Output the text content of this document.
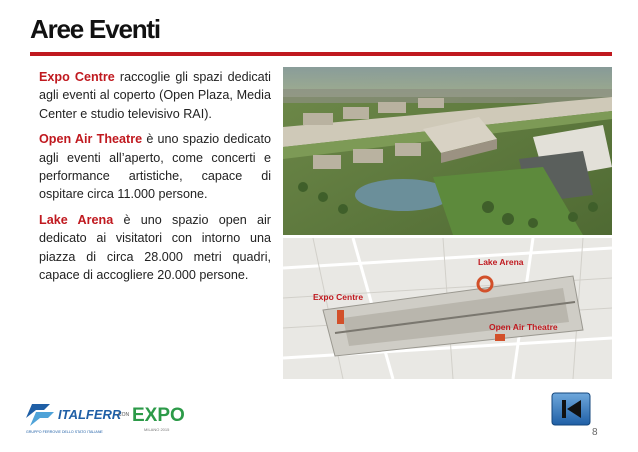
Aree Eventi

Expo Centre raccoglie gli spazi dedicati agli eventi al coperto (Open Plaza, Media Center e studio televisivo RAI).

Open Air Theatre è uno spazio dedicato agli eventi all’aperto, come concerti e performance artistiche, capace di ospitare circa 11.000 persone.

Lake Arena è uno spazio open air dedicato ai visitatori con intorno una piazza di circa 28.000 metri quadri, capace di accogliere 20.000 persone.

Lake Arena
Expo Centre
Open Air Theatre
ITALFERR
GRUPPO FERROVIE DELLO STATO ITALIANE
CON EXPO
MILANO 2015	8
